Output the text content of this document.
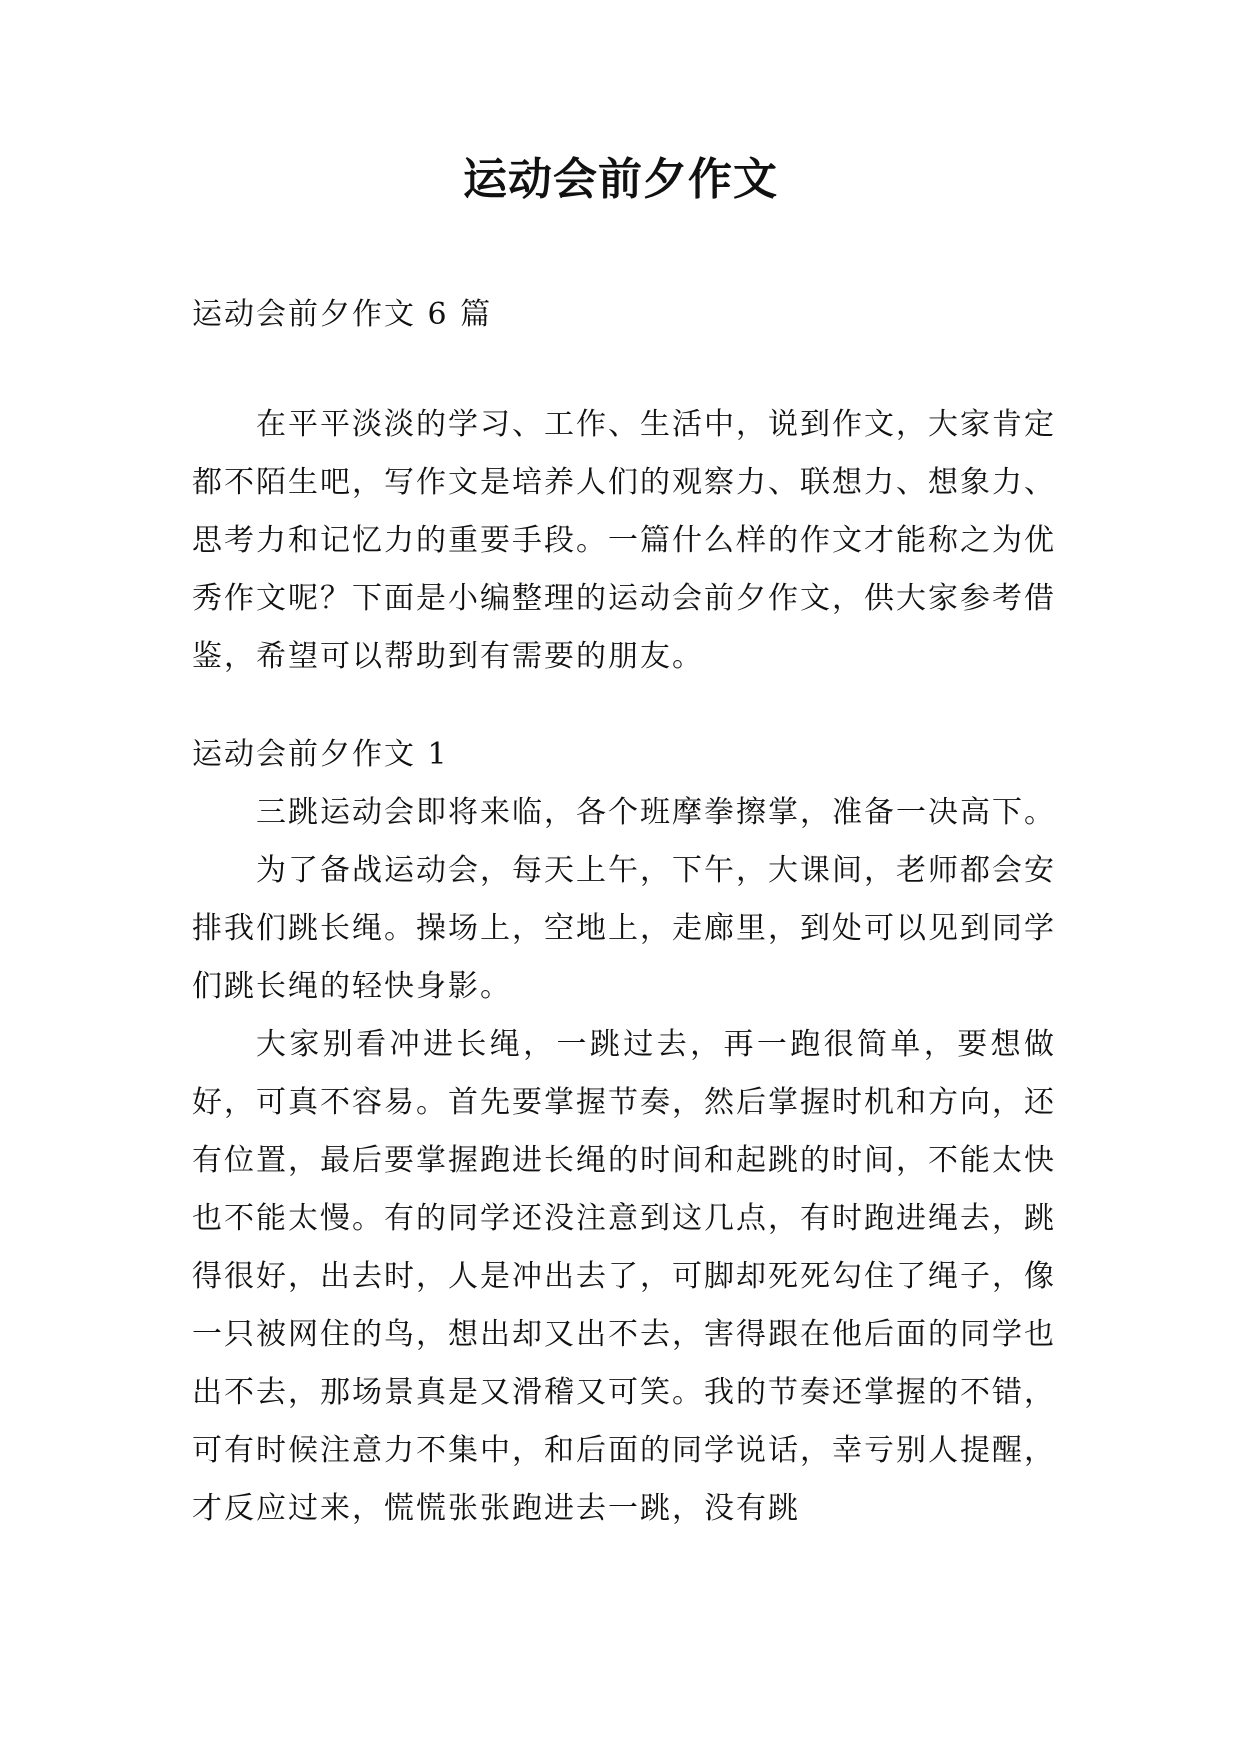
运动会前夕作文

运动会前夕作文 6 篇

在平平淡淡的学习、工作、生活中，说到作文，大家肯定都不陌生吧，写作文是培养人们的观察力、联想力、想象力、思考力和记忆力的重要手段。一篇什么样的作文才能称之为优秀作文呢？下面是小编整理的运动会前夕作文，供大家参考借鉴，希望可以帮助到有需要的朋友。

运动会前夕作文 1

三跳运动会即将来临，各个班摩拳擦掌，准备一决高下。

为了备战运动会，每天上午，下午，大课间，老师都会安排我们跳长绳。操场上，空地上，走廊里，到处可以见到同学们跳长绳的轻快身影。

大家别看冲进长绳，一跳过去，再一跑很简单，要想做好，可真不容易。首先要掌握节奏，然后掌握时机和方向，还有位置，最后要掌握跑进长绳的时间和起跳的时间，不能太快也不能太慢。有的同学还没注意到这几点，有时跑进绳去，跳得很好，出去时，人是冲出去了，可脚却死死勾住了绳子，像一只被网住的鸟，想出却又出不去，害得跟在他后面的同学也出不去，那场景真是又滑稽又可笑。我的节奏还掌握的不错，可有时候注意力不集中，和后面的同学说话，幸亏别人提醒，才反应过来，慌慌张张跑进去一跳，没有跳
